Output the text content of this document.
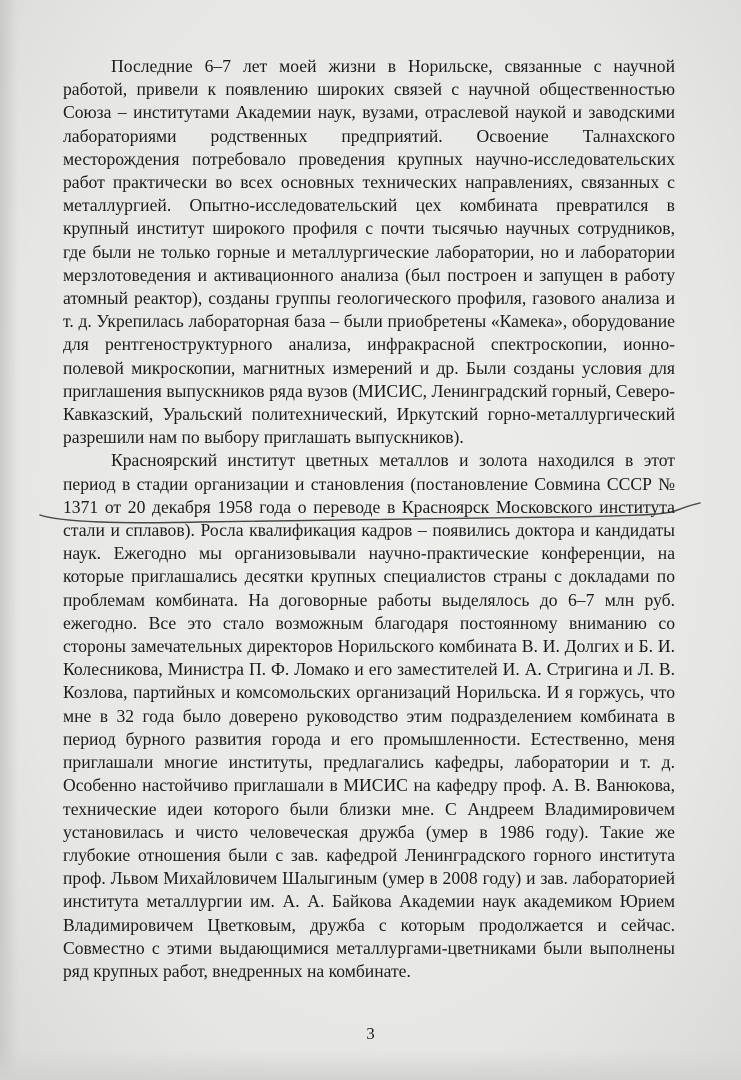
Последние 6–7 лет моей жизни в Норильске, связанные с научной работой, привели к появлению широких связей с научной общественностью Союза – институтами Академии наук, вузами, отраслевой наукой и заводскими лабораториями родственных предприятий. Освоение Талнахского месторождения потребовало проведения крупных научно-исследовательских работ практически во всех основных технических направлениях, связанных с металлургией. Опытно-исследовательский цех комбината превратился в крупный институт широкого профиля с почти тысячью научных сотрудников, где были не только горные и металлургические лаборатории, но и лаборатории мерзлотоведения и активационного анализа (был построен и запущен в работу атомный реактор), созданы группы геологического профиля, газового анализа и т. д. Укрепилась лабораторная база – были приобретены «Камека», оборудование для рентгеноструктурного анализа, инфракрасной спектроскопии, ионно-полевой микроскопии, магнитных измерений и др. Были созданы условия для приглашения выпускников ряда вузов (МИСИС, Ленинградский горный, Северо-Кавказский, Уральский политехнический, Иркутский горно-металлургический разрешили нам по выбору приглашать выпускников).

Красноярский институт цветных металлов и золота находился в этот период в стадии организации и становления (постановление Совмина СССР № 1371 от 20 декабря 1958 года о переводе в Красноярск Московского института стали и сплавов). Росла квалификация кадров – появились доктора и кандидаты наук. Ежегодно мы организовывали научно-практические конференции, на которые приглашались десятки крупных специалистов страны с докладами по проблемам комбината. На договорные работы выделялось до 6–7 млн руб. ежегодно. Все это стало возможным благодаря постоянному вниманию со стороны замечательных директоров Норильского комбината В. И. Долгих и Б. И. Колесникова, Министра П. Ф. Ломако и его заместителей И. А. Стригина и Л. В. Козлова, партийных и комсомольских организаций Норильска. И я горжусь, что мне в 32 года было доверено руководство этим подразделением комбината в период бурного развития города и его промышленности. Естественно, меня приглашали многие институты, предлагались кафедры, лаборатории и т. д. Особенно настойчиво приглашали в МИСИС на кафедру проф. А. В. Ванюкова, технические идеи которого были близки мне. С Андреем Владимировичем установилась и чисто человеческая дружба (умер в 1986 году). Такие же глубокие отношения были с зав. кафедрой Ленинградского горного института проф. Львом Михайловичем Шалыгиным (умер в 2008 году) и зав. лабораторией института металлургии им. А. А. Байкова Академии наук академиком Юрием Владимировичем Цветковым, дружба с которым продолжается и сейчас. Совместно с этими выдающимися металлургами-цветниками были выполнены ряд крупных работ, внедренных на комбинате.

3
